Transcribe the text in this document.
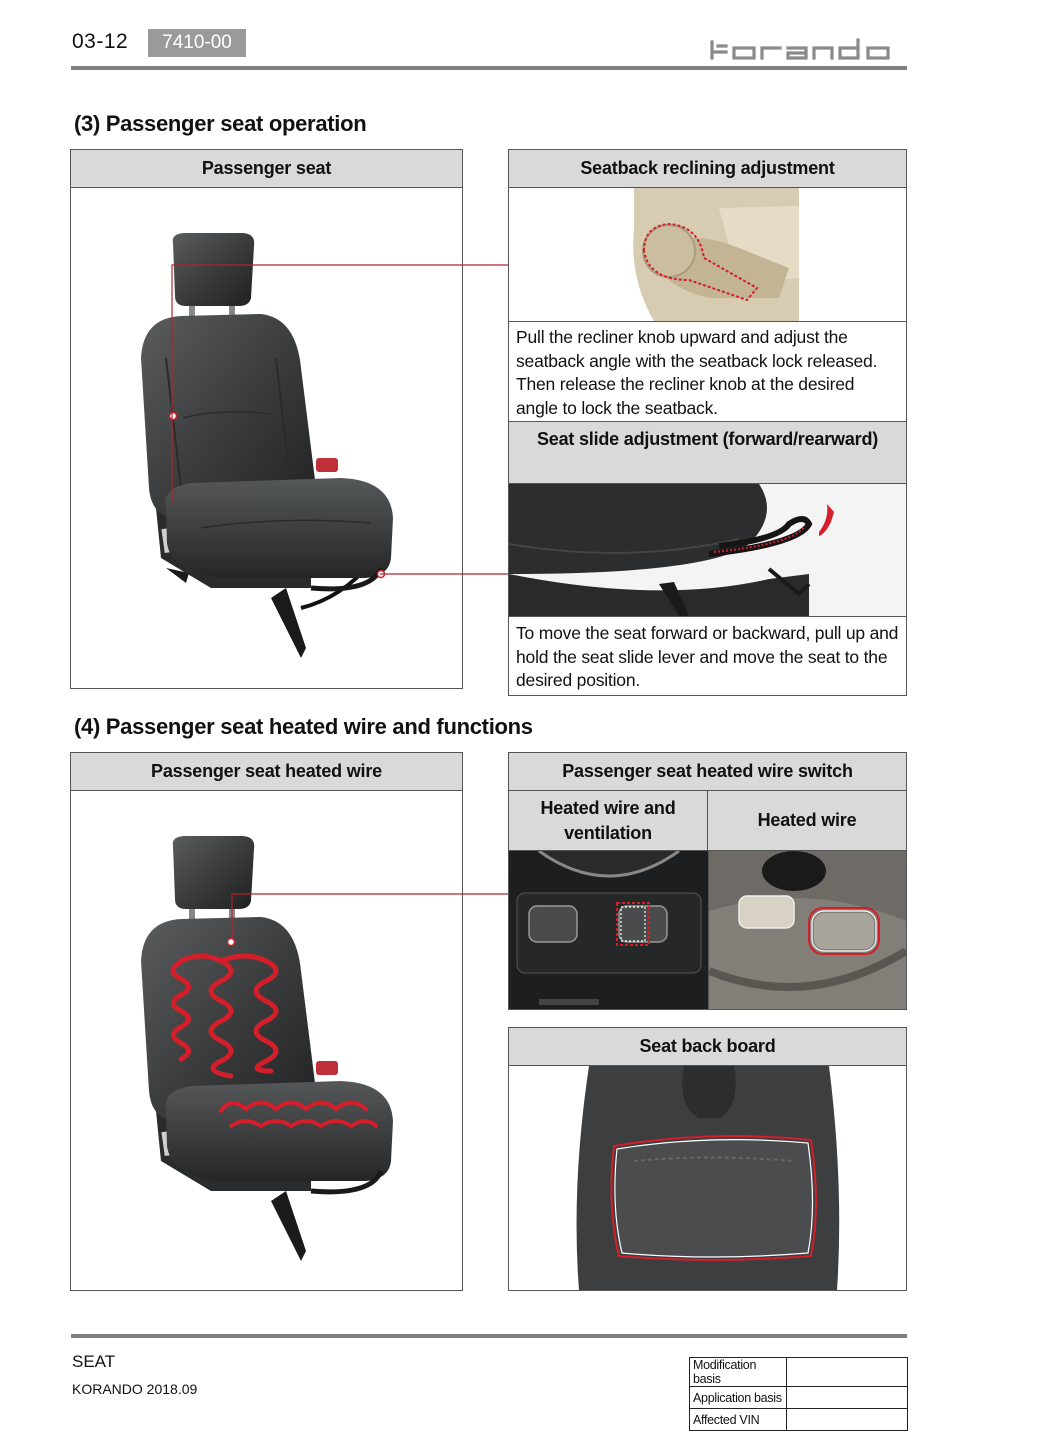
03-12	7410-00
(3) Passenger seat operation
Passenger seat	Seatback reclining adjustment
Pull the recliner knob upward and adjust the seatback angle with the seatback lock released. Then release the recliner knob at the desired angle to lock the seatback.
Seat slide adjustment (forward/rearward)
To move the seat forward or backward, pull up and hold the seat slide lever and move the seat to the desired position.
(4) Passenger seat heated wire and functions
Passenger seat heated wire	Passenger seat heated wire switch
Heated wire and ventilation
Heated wire
Seat back board
SEAT
KORANDO 2018.09
Modification basis	
Application basis	
Affected VIN	
